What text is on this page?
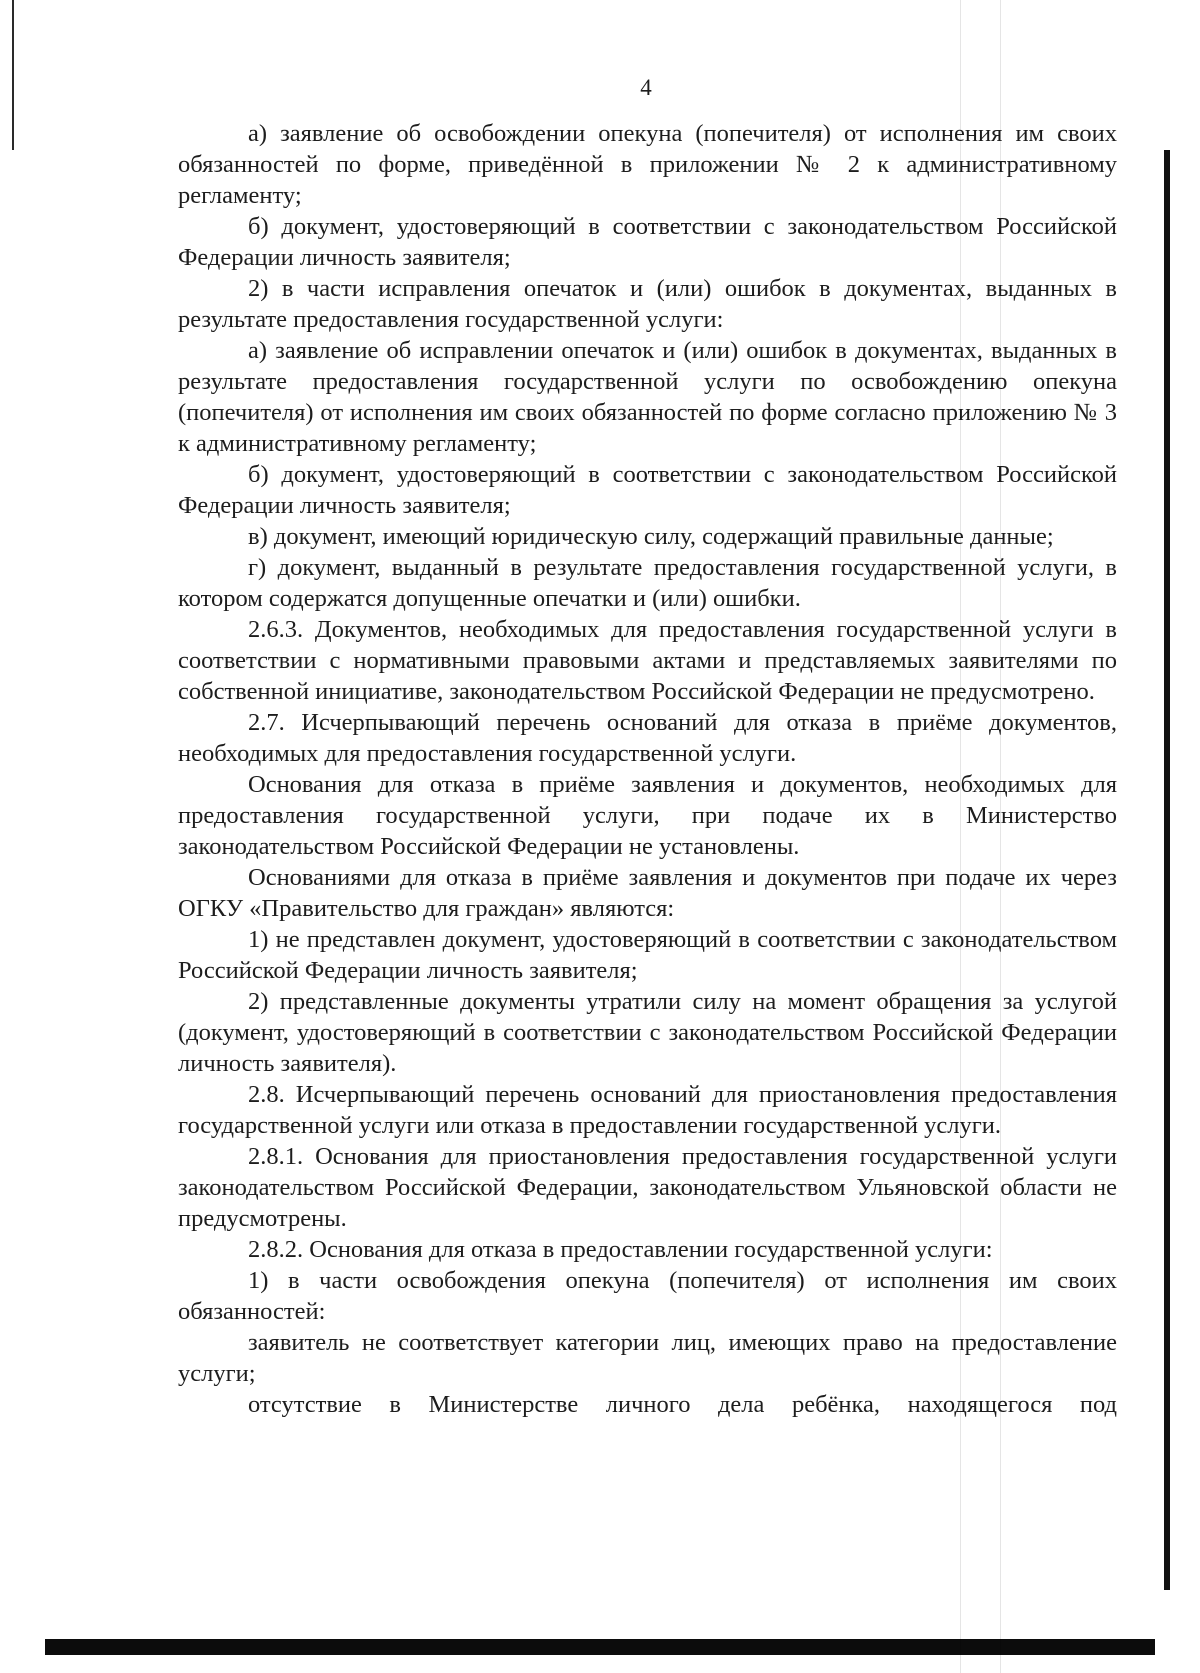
4

а) заявление об освобождении опекуна (попечителя) от исполнения им своих обязанностей по форме, приведённой в приложении № 2 к административному регламенту;

б) документ, удостоверяющий в соответствии с законодательством Российской Федерации личность заявителя;

2) в части исправления опечаток и (или) ошибок в документах, выданных в результате предоставления государственной услуги:

а) заявление об исправлении опечаток и (или) ошибок в документах, выданных в результате предоставления государственной услуги по освобождению опекуна (попечителя) от исполнения им своих обязанностей по форме согласно приложению № 3 к административному регламенту;

б) документ, удостоверяющий в соответствии с законодательством Российской Федерации личность заявителя;

в) документ, имеющий юридическую силу, содержащий правильные данные;

г) документ, выданный в результате предоставления государственной услуги, в котором содержатся допущенные опечатки и (или) ошибки.

2.6.3. Документов, необходимых для предоставления государственной услуги в соответствии с нормативными правовыми актами и представляемых заявителями по собственной инициативе, законодательством Российской Федерации не предусмотрено.

2.7. Исчерпывающий перечень оснований для отказа в приёме документов, необходимых для предоставления государственной услуги.

Основания для отказа в приёме заявления и документов, необходимых для предоставления государственной услуги, при подаче их в Министерство законодательством Российской Федерации не установлены.

Основаниями для отказа в приёме заявления и документов при подаче их через ОГКУ «Правительство для граждан» являются:

1) не представлен документ, удостоверяющий в соответствии с законодательством Российской Федерации личность заявителя;

2) представленные документы утратили силу на момент обращения за услугой (документ, удостоверяющий в соответствии с законодательством Российской Федерации личность заявителя).

2.8. Исчерпывающий перечень оснований для приостановления предоставления государственной услуги или отказа в предоставлении государственной услуги.

2.8.1. Основания для приостановления предоставления государственной услуги законодательством Российской Федерации, законодательством Ульяновской области не предусмотрены.

2.8.2. Основания для отказа в предоставлении государственной услуги:

1) в части освобождения опекуна (попечителя) от исполнения им своих обязанностей:

заявитель не соответствует категории лиц, имеющих право на предоставление услуги;

отсутствие в Министерстве личного дела ребёнка, находящегося под
